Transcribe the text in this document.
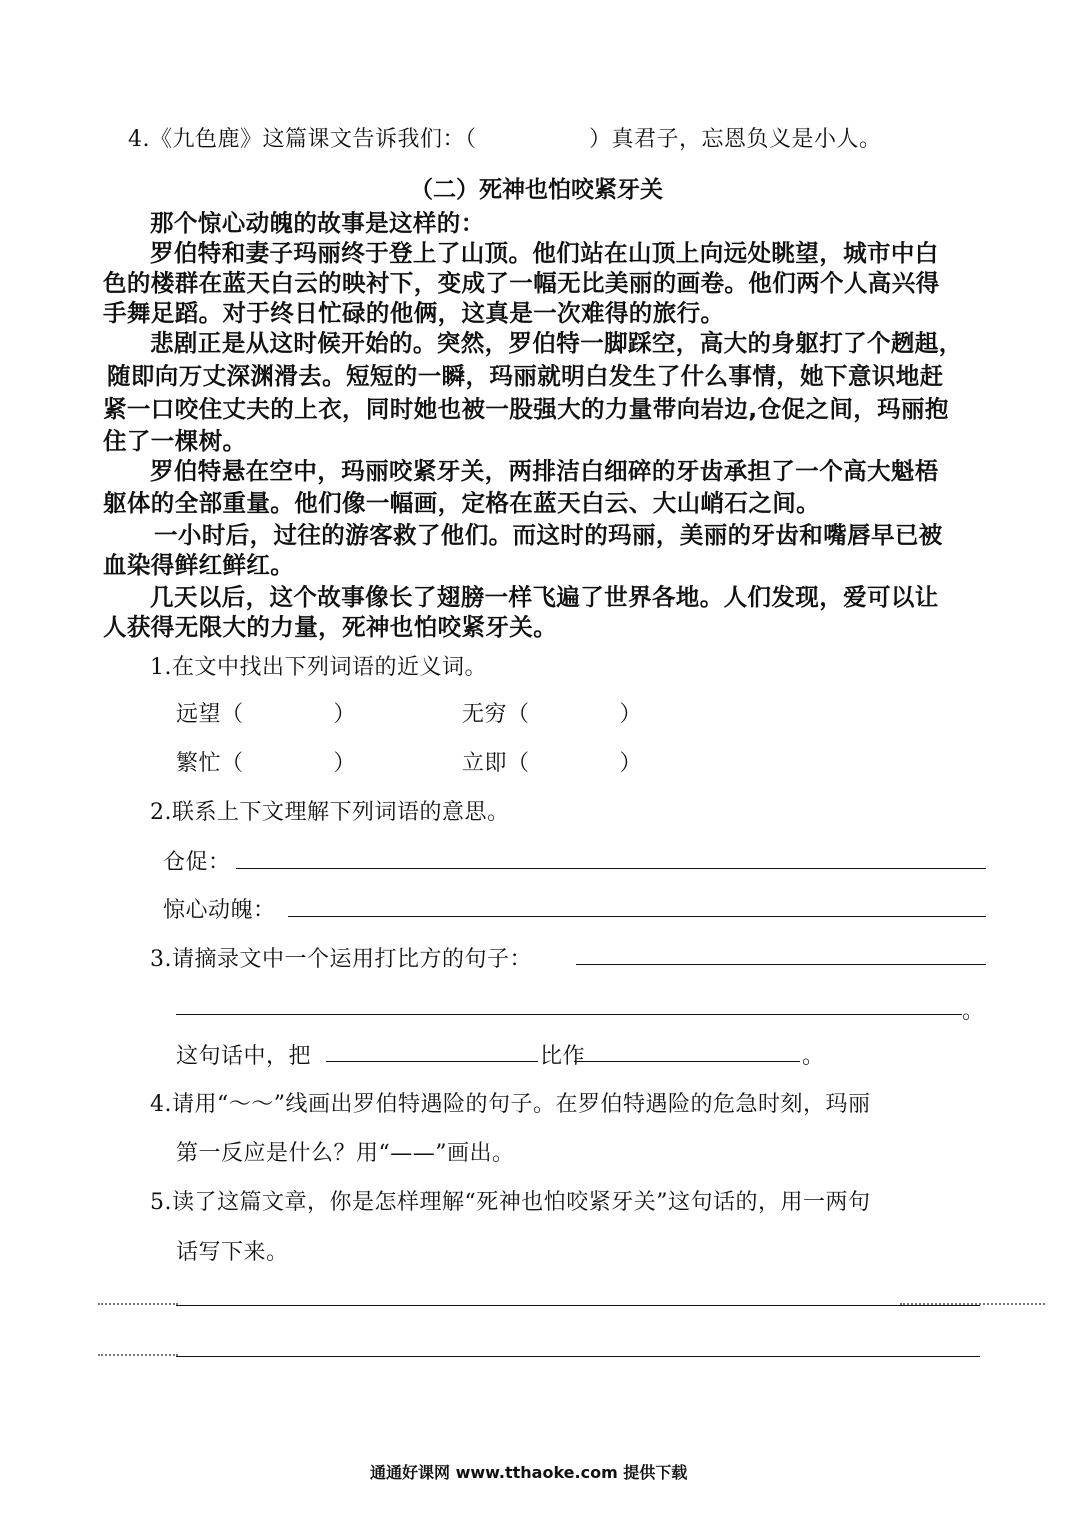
4.《九色鹿》这篇课文告诉我们：（　　　　　）真君子，忘恩负义是小人。
（二）死神也怕咬紧牙关
那个惊心动魄的故事是这样的：
罗伯特和妻子玛丽终于登上了山顶。他们站在山顶上向远处眺望，城市中白
色的楼群在蓝天白云的映衬下，变成了一幅无比美丽的画卷。他们两个人高兴得
手舞足蹈。对于终日忙碌的他俩，这真是一次难得的旅行。
悲剧正是从这时候开始的。突然，罗伯特一脚踩空，高大的身躯打了个趔趄，
随即向万丈深渊滑去。短短的一瞬，玛丽就明白发生了什么事情，她下意识地赶
紧一口咬住丈夫的上衣，同时她也被一股强大的力量带向岩边,仓促之间，玛丽抱
住了一棵树。
罗伯特悬在空中，玛丽咬紧牙关，两排洁白细碎的牙齿承担了一个高大魁梧
躯体的全部重量。他们像一幅画，定格在蓝天白云、大山峭石之间。
一小时后，过往的游客救了他们。而这时的玛丽，美丽的牙齿和嘴唇早已被
血染得鲜红鲜红。
几天以后，这个故事像长了翅膀一样飞遍了世界各地。人们发现，爱可以让
人获得无限大的力量，死神也怕咬紧牙关。
1.在文中找出下列词语的近义词。
远望（　　　　）	无穷（　　　　）
繁忙（　　　　）	立即（　　　　）
2.联系上下文理解下列词语的意思。
仓促：
惊心动魄：
3.请摘录文中一个运用打比方的句子：
。
这句话中，把	比作	。
4.请用“～～”线画出罗伯特遇险的句子。在罗伯特遇险的危急时刻，玛丽
第一反应是什么？用“——”画出。
5.读了这篇文章，你是怎样理解“死神也怕咬紧牙关”这句话的，用一两句
话写下来。
通通好课网 www.tthaoke.com 提供下载
